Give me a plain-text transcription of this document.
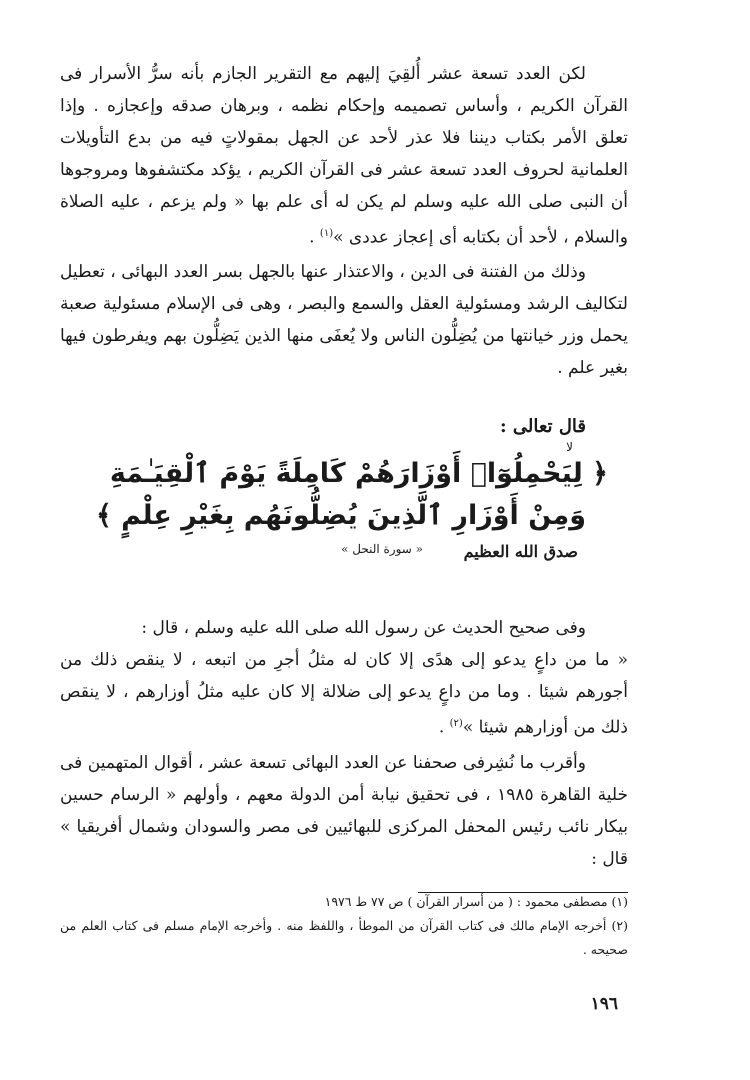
لكن العدد تسعة عشر أُلقِيَ إليهم مع التقرير الجازم بأنه سرُّ الأسرار فى القرآن الكريم ، وأساس تصميمه وإحكام نظمه ، وبرهان صدقه وإعجازه . وإذا تعلق الأمر بكتاب ديننا فلا عذر لأحد عن الجهل بمقولاتٍ فيه من بدع التأويلات العلمانية لحروف العدد تسعة عشر فى القرآن الكريم ، يؤكد مكتشفوها ومروجوها أن النبى صلى الله عليه وسلم لم يكن له أى علم بها « ولم يزعم ، عليه الصلاة والسلام ، لأحد أن بكتابه أى إعجاز عددى »$^{(١)}$ .

وذلك من الفتنة فى الدين ، والاعتذار عنها بالجهل بسر العدد البهائى ، تعطيل لتكاليف الرشد ومسئولية العقل والسمع والبصر ، وهى فى الإسلام مسئولية صعبة يحمل وزر خيانتها من يُضِلُّون الناس ولا يُعفَى منها الذين يَضِلُّون بهم ويفرطون فيها بغير علم .

قال تعالى :

لا
﴿ لِيَحْمِلُوٓا۟ أَوْزَارَهُمْ كَامِلَةً يَوْمَ ٱلْقِيَـٰمَةِ
وَمِنْ أَوْزَارِ ٱلَّذِينَ يُضِلُّونَهُم بِغَيْرِ عِلْمٍ ﴾
صدق الله العظيم
« سورة النحل »

وفى صحيح الحديث عن رسول الله صلى الله عليه وسلم ، قال :

« ما من داعٍ يدعو إلى هدًى إلا كان له مثلُ أجرِ من اتبعه ، لا ينقص ذلك من أجورهم شيئا . وما من داعٍ يدعو إلى ضلالة إلا كان عليه مثلُ أوزارهم ، لا ينقص ذلك من أوزارهم شيئا »$^{(٢)}$ .

وأقرب ما نُشِرفى صحفنا عن العدد البهائى تسعة عشر ، أقوال المتهمين فى خلية القاهرة ١٩٨٥ ، فى تحقيق نيابة أمن الدولة معهم ، وأولهم « الرسام حسين بيكار نائب رئيس المحفل المركزى للبهائيين فى مصر والسودان وشمال أفريقيا » قال :

(١) مصطفى محمود : ( من أسرار القرآن ) ص ٧٧ ط ١٩٧٦

(٢) أخرجه الإمام مالك فى كتاب القرآن من الموطأ ، واللفظ منه . وأخرجه الإمام مسلم فى كتاب العلم من صحيحه .

١٩٦
